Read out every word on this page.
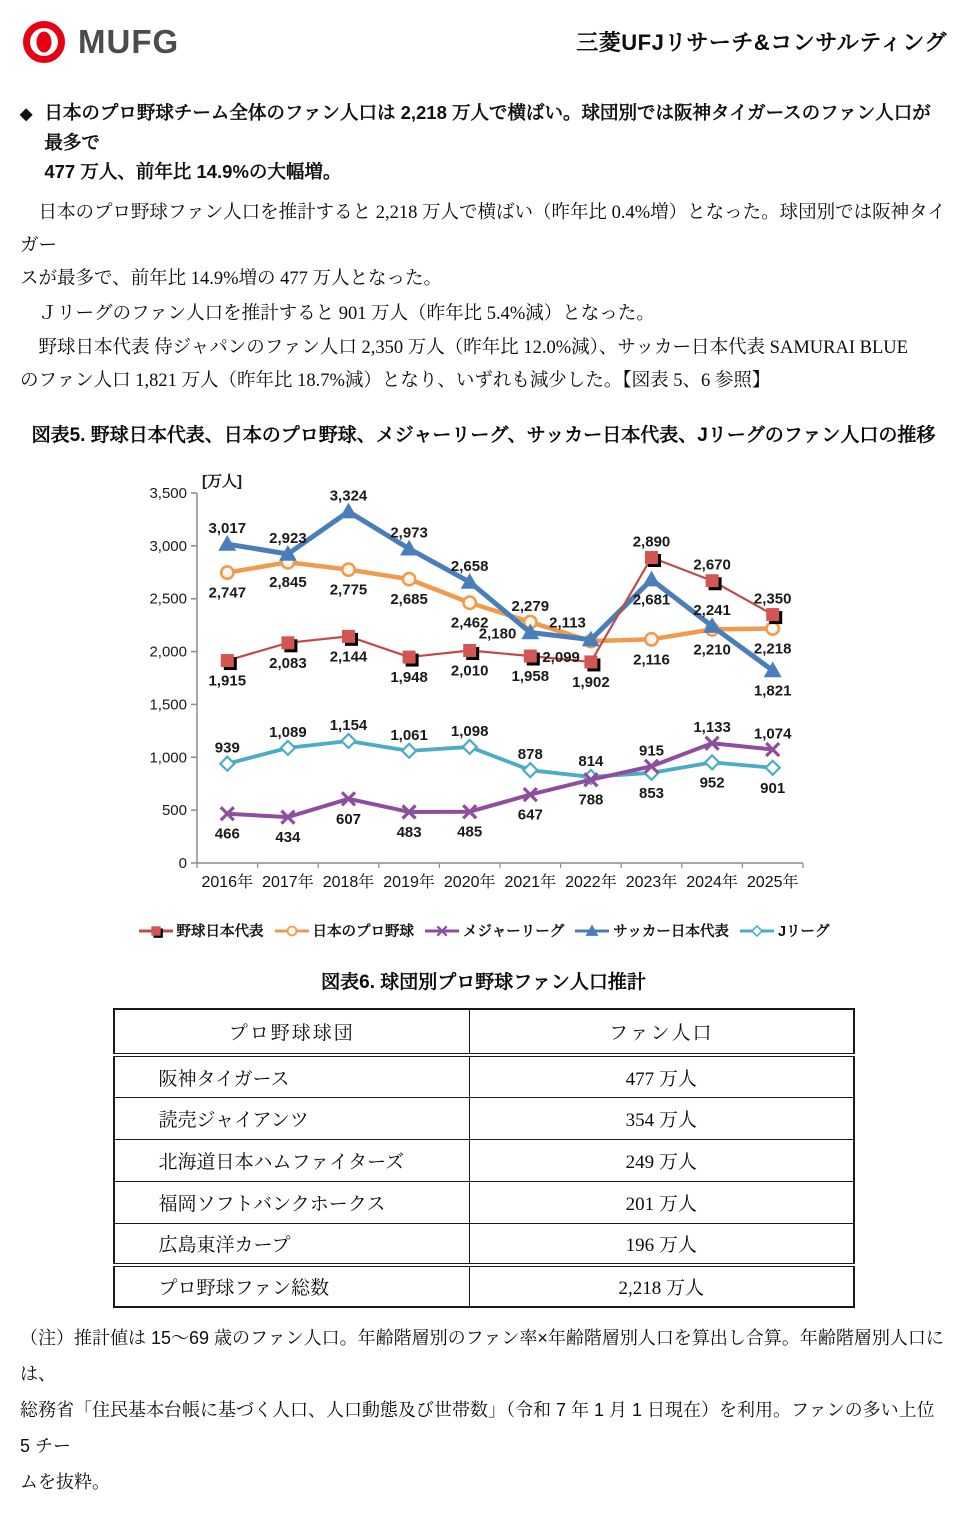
MUFG	三菱UFJリサーチ&コンサルティング
◆ 日本のプロ野球チーム全体のファン人口は 2,218 万人で横ばい。球団別では阪神タイガースのファン人口が最多で
477 万人、前年比 14.9%の大幅増。
　日本のプロ野球ファン人口を推計すると 2,218 万人で横ばい（昨年比 0.4%増）となった。球団別では阪神タイガー
スが最多で、前年比 14.9%増の 477 万人となった。
　Ｊリーグのファン人口を推計すると 901 万人（昨年比 5.4%減）となった。
　野球日本代表 侍ジャパンのファン人口 2,350 万人（昨年比 12.0%減）、サッカー日本代表 SAMURAI BLUE
のファン人口 1,821 万人（昨年比 18.7%減）となり、いずれも減少した。【図表 5、6 参照】
図表5. 野球日本代表、日本のプロ野球、メジャーリーグ、サッカー日本代表、Jリーグのファン人口の推移
0
500
1,000
1,500
2,000
2,500
3,000
3,500
[万人]
2016年 2017年 2018年 2019年 2020年 2021年 2022年 2023年 2024年 2025年
1,915
2,083 2,144
1,948 2,010 1,958 1,902
2,890
2,670
2,350
2,747
2,845 2,775
2,685
2,462
2,279
2,099	2,116
2,210 2,218
466 434
607
483 485
647
788
915
1,133 1,074
3,017
2,923
3,324
2,973
2,658
2,180
2,113
2,681
2,241
1,821
939
1,089 1,154
1,061 1,098
878 814
853
952 901
野球日本代表	日本のプロ野球	メジャーリーグ	サッカー日本代表	Jリーグ
図表6. 球団別プロ野球ファン人口推計
プロ野球球団	ファン人口
阪神タイガース	477 万人
読売ジャイアンツ	354 万人
北海道日本ハムファイターズ	249 万人
福岡ソフトバンクホークス	201 万人
広島東洋カープ	196 万人
プロ野球ファン総数	2,218 万人
（注）推計値は 15～69 歳のファン人口。年齢階層別のファン率×年齢階層別人口を算出し合算。年齢階層別人口には、
総務省「住民基本台帳に基づく人口、人口動態及び世帯数」（令和 7 年 1 月 1 日現在）を利用。ファンの多い上位 5 チー
ムを抜粋。
